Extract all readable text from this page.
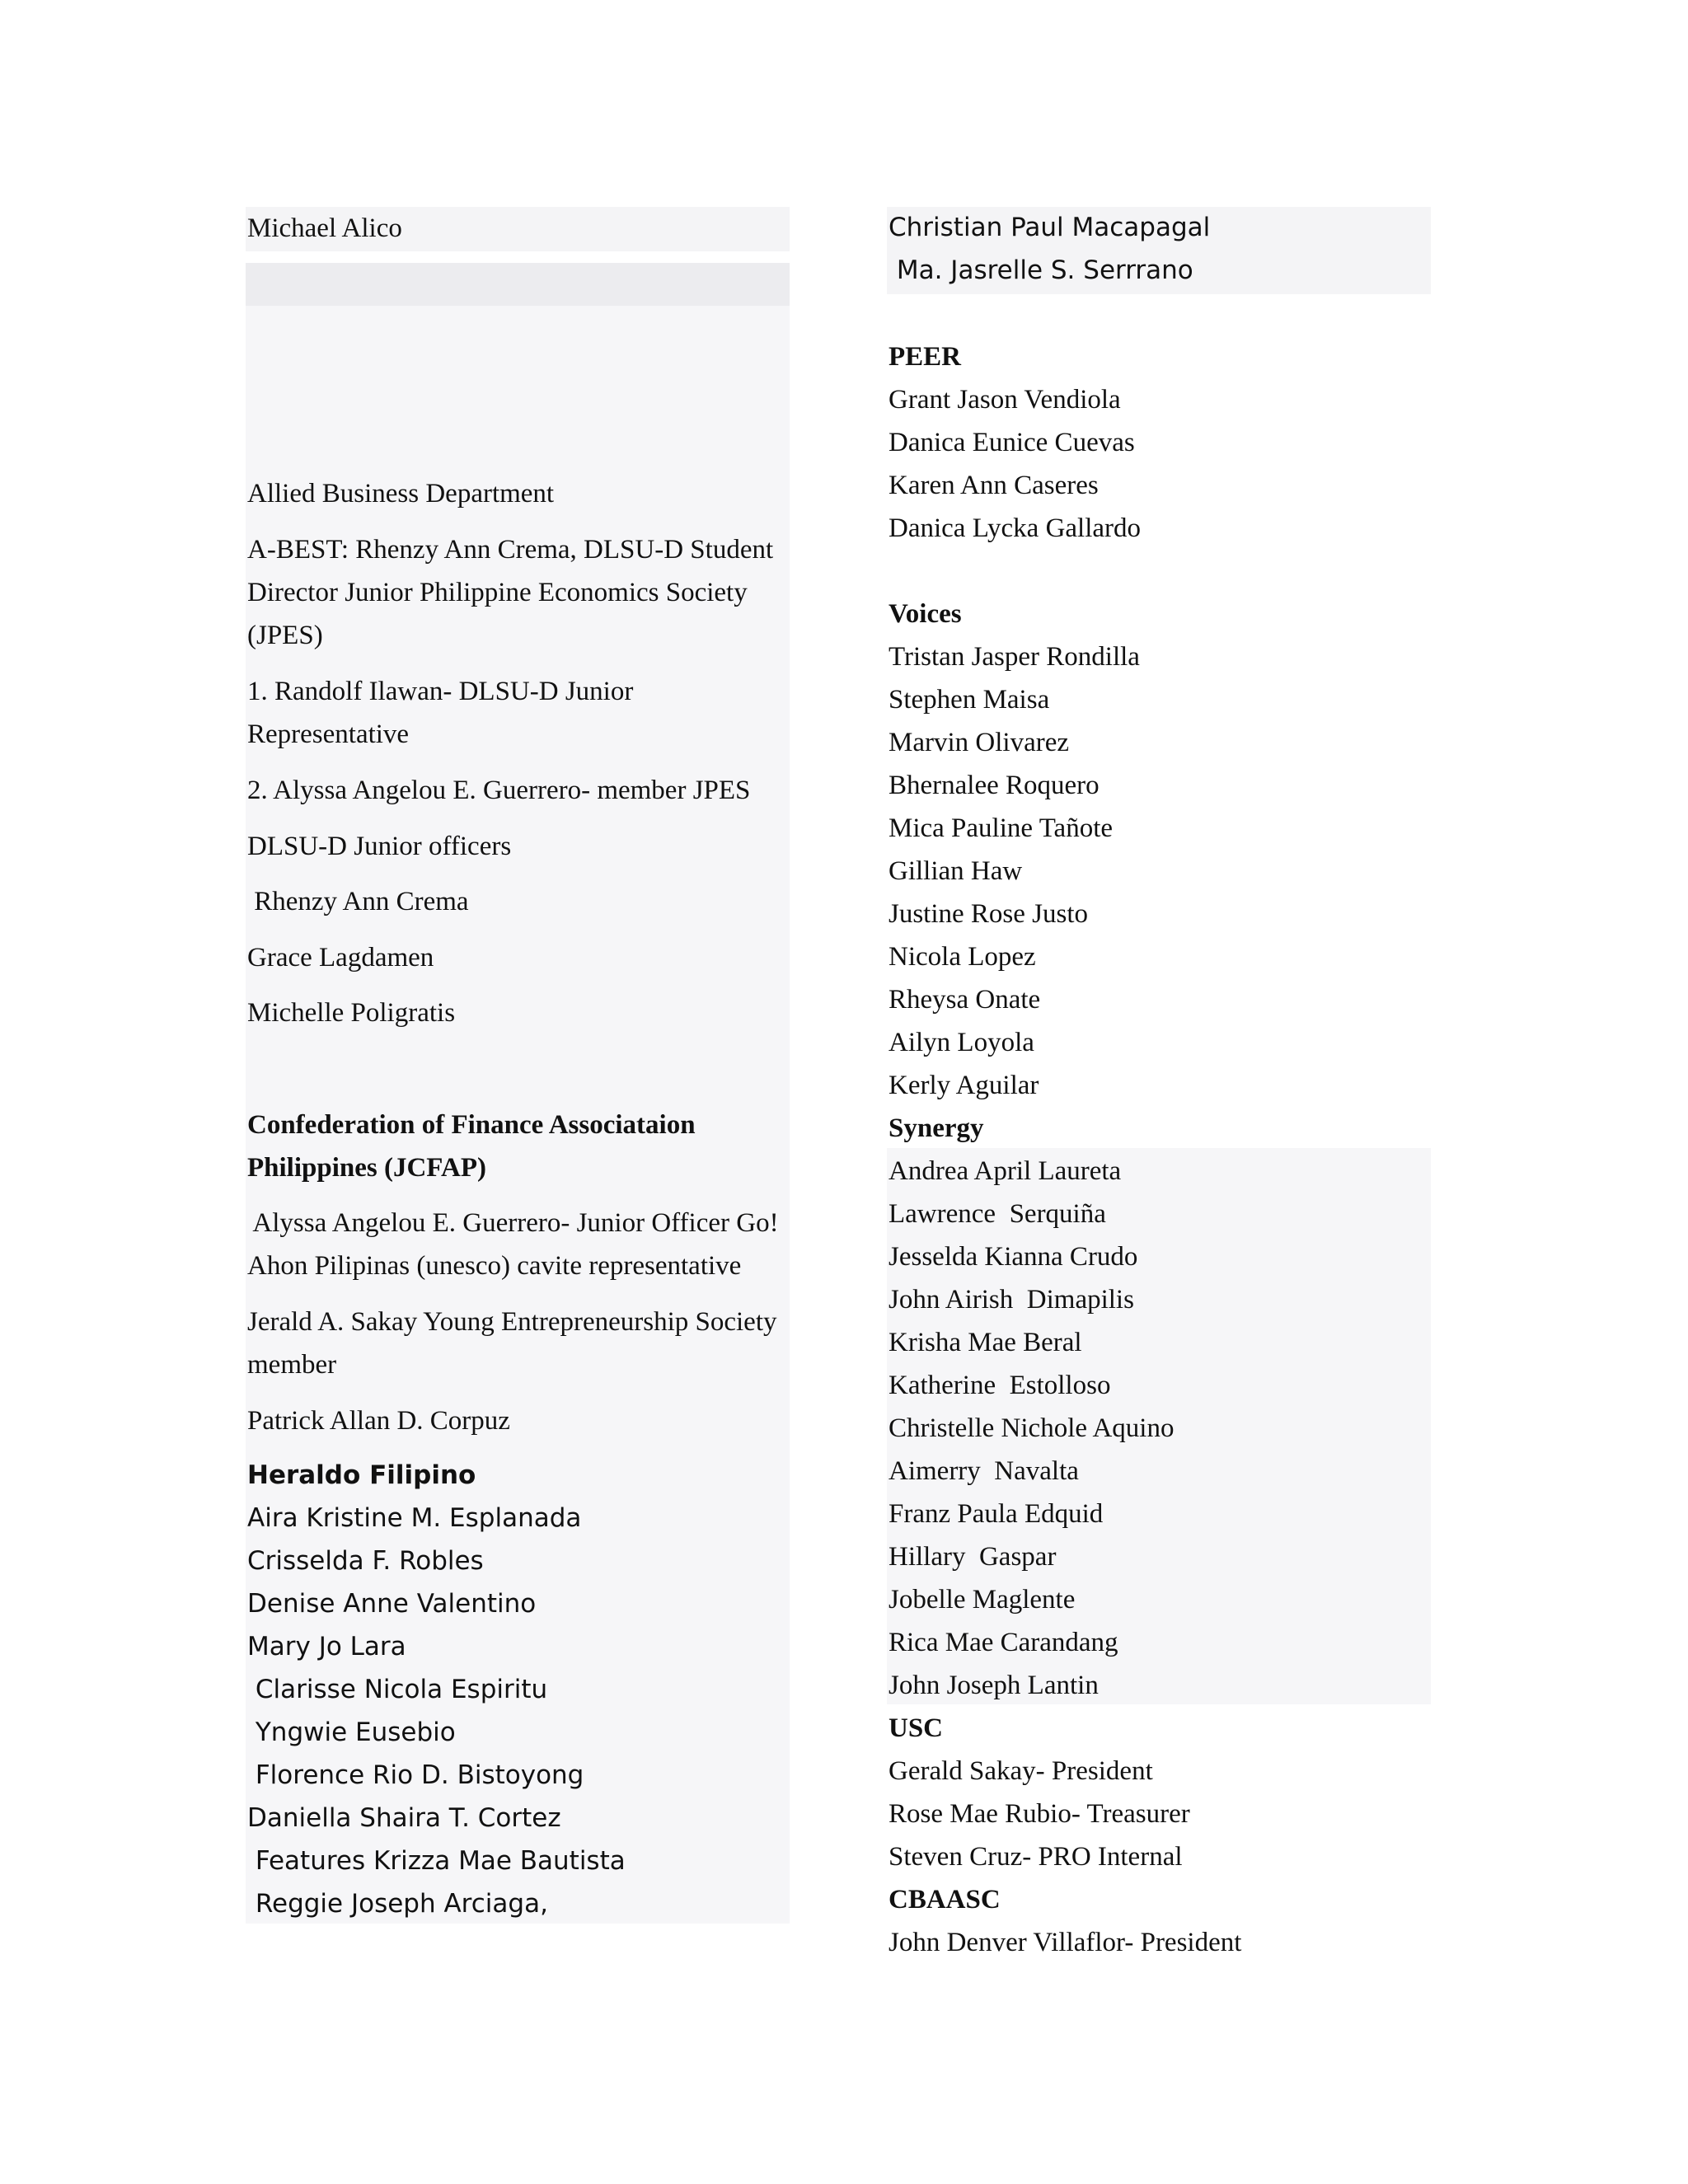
Michael Alico
Allied Business Department
A-BEST: Rhenzy Ann Crema, DLSU-D Student
Director Junior Philippine Economics Society
(JPES)
1. Randolf Ilawan- DLSU-D Junior
Representative
2. Alyssa Angelou E. Guerrero- member JPES
DLSU-D Junior officers
Rhenzy Ann Crema
Grace Lagdamen
Michelle Poligratis
Confederation of Finance Associataion
Philippines (JCFAP)
Alyssa Angelou E. Guerrero- Junior Officer Go!
Ahon Pilipinas (unesco) cavite representative
Jerald A. Sakay Young Entrepreneurship Society
member
Patrick Allan D. Corpuz
Heraldo Filipino
Aira Kristine M. Esplanada
Crisselda F. Robles
Denise Anne Valentino
Mary Jo Lara
Clarisse Nicola Espiritu
Yngwie Eusebio
Florence Rio D. Bistoyong
Daniella Shaira T. Cortez
Features Krizza Mae Bautista
Reggie Joseph Arciaga,
Christian Paul Macapagal
Ma. Jasrelle S. Serrrano
PEER
Grant Jason Vendiola
Danica Eunice Cuevas
Karen Ann Caseres
Danica Lycka Gallardo
Voices
Tristan Jasper Rondilla
Stephen Maisa
Marvin Olivarez
Bhernalee Roquero
Mica Pauline Tañote
Gillian Haw
Justine Rose Justo
Nicola Lopez
Rheysa Onate
Ailyn Loyola
Kerly Aguilar
Synergy
Andrea April Laureta
Lawrence  Serquiña
Jesselda Kianna Crudo
John Airish  Dimapilis
Krisha Mae Beral
Katherine  Estolloso
Christelle Nichole Aquino
Aimerry  Navalta
Franz Paula Edquid
Hillary  Gaspar
Jobelle Maglente
Rica Mae Carandang
John Joseph Lantin
USC
Gerald Sakay- President
Rose Mae Rubio- Treasurer
Steven Cruz- PRO Internal
CBAASC
John Denver Villaflor- President
